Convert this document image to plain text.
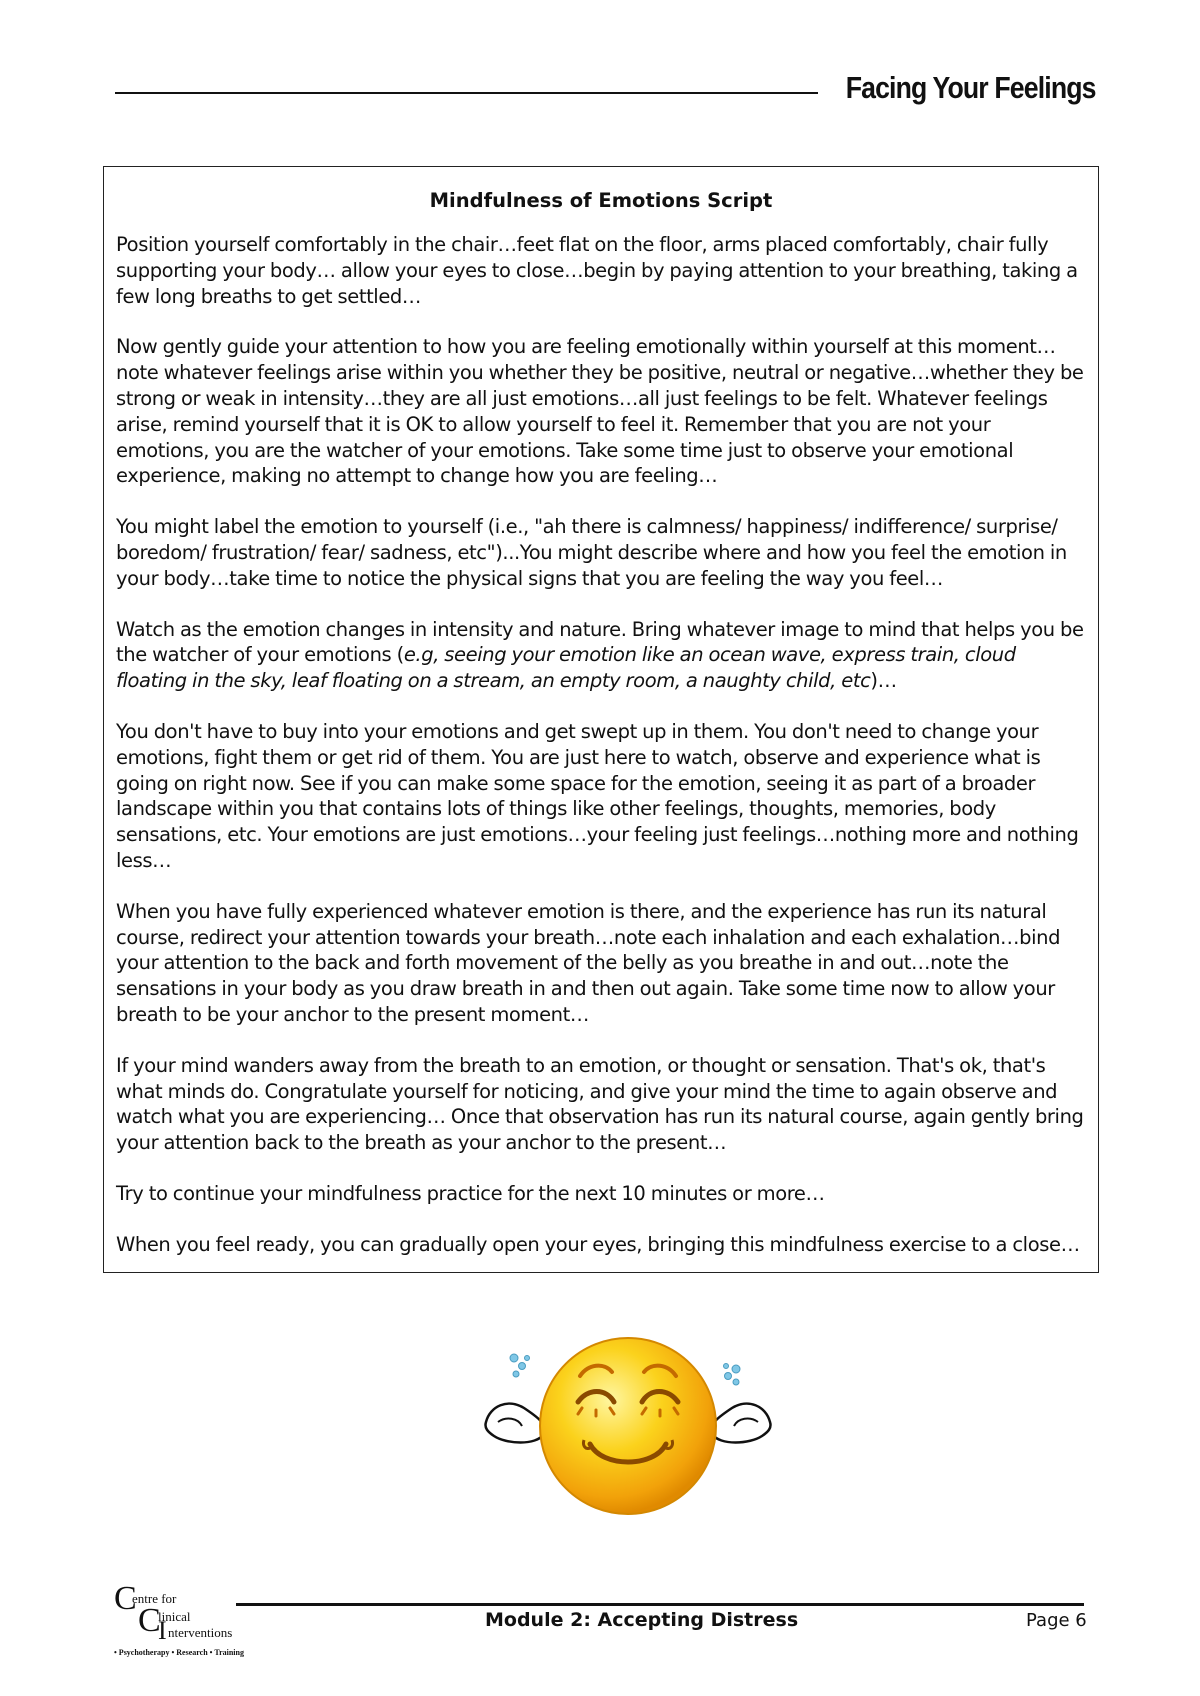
Facing Your Feelings
Mindfulness of Emotions Script

Position yourself comfortably in the chair…feet flat on the floor, arms placed comfortably, chair fully supporting your body… allow your eyes to close…begin by paying attention to your breathing, taking a few long breaths to get settled…

Now gently guide your attention to how you are feeling emotionally within yourself at this moment…note whatever feelings arise within you whether they be positive, neutral or negative…whether they be strong or weak in intensity…they are all just emotions…all just feelings to be felt. Whatever feelings arise, remind yourself that it is OK to allow yourself to feel it. Remember that you are not your emotions, you are the watcher of your emotions. Take some time just to observe your emotional experience, making no attempt to change how you are feeling…

You might label the emotion to yourself (i.e., "ah there is calmness/ happiness/ indifference/ surprise/ boredom/ frustration/ fear/ sadness, etc")...You might describe where and how you feel the emotion in your body…take time to notice the physical signs that you are feeling the way you feel…

Watch as the emotion changes in intensity and nature. Bring whatever image to mind that helps you be the watcher of your emotions (e.g, seeing your emotion like an ocean wave, express train, cloud floating in the sky, leaf floating on a stream, an empty room, a naughty child, etc)…

You don't have to buy into your emotions and get swept up in them. You don't need to change your emotions, fight them or get rid of them. You are just here to watch, observe and experience what is going on right now. See if you can make some space for the emotion, seeing it as part of a broader landscape within you that contains lots of things like other feelings, thoughts, memories, body sensations, etc. Your emotions are just emotions…your feeling just feelings…nothing more and nothing less…

When you have fully experienced whatever emotion is there, and the experience has run its natural course, redirect your attention towards your breath…note each inhalation and each exhalation…bind your attention to the back and forth movement of the belly as you breathe in and out…note the sensations in your body as you draw breath in and then out again. Take some time now to allow your breath to be your anchor to the present moment…

If your mind wanders away from the breath to an emotion, or thought or sensation. That's ok, that's what minds do. Congratulate yourself for noticing, and give your mind the time to again observe and watch what you are experiencing… Once that observation has run its natural course, again gently bring your attention back to the breath as your anchor to the present…

Try to continue your mindfulness practice for the next 10 minutes or more…

When you feel ready, you can gradually open your eyes, bringing this mindfulness exercise to a close…

C
entre for
C
linical
I nterventions
• Psychotherapy • Research • Training
Module 2: Accepting Distress	Page 6
